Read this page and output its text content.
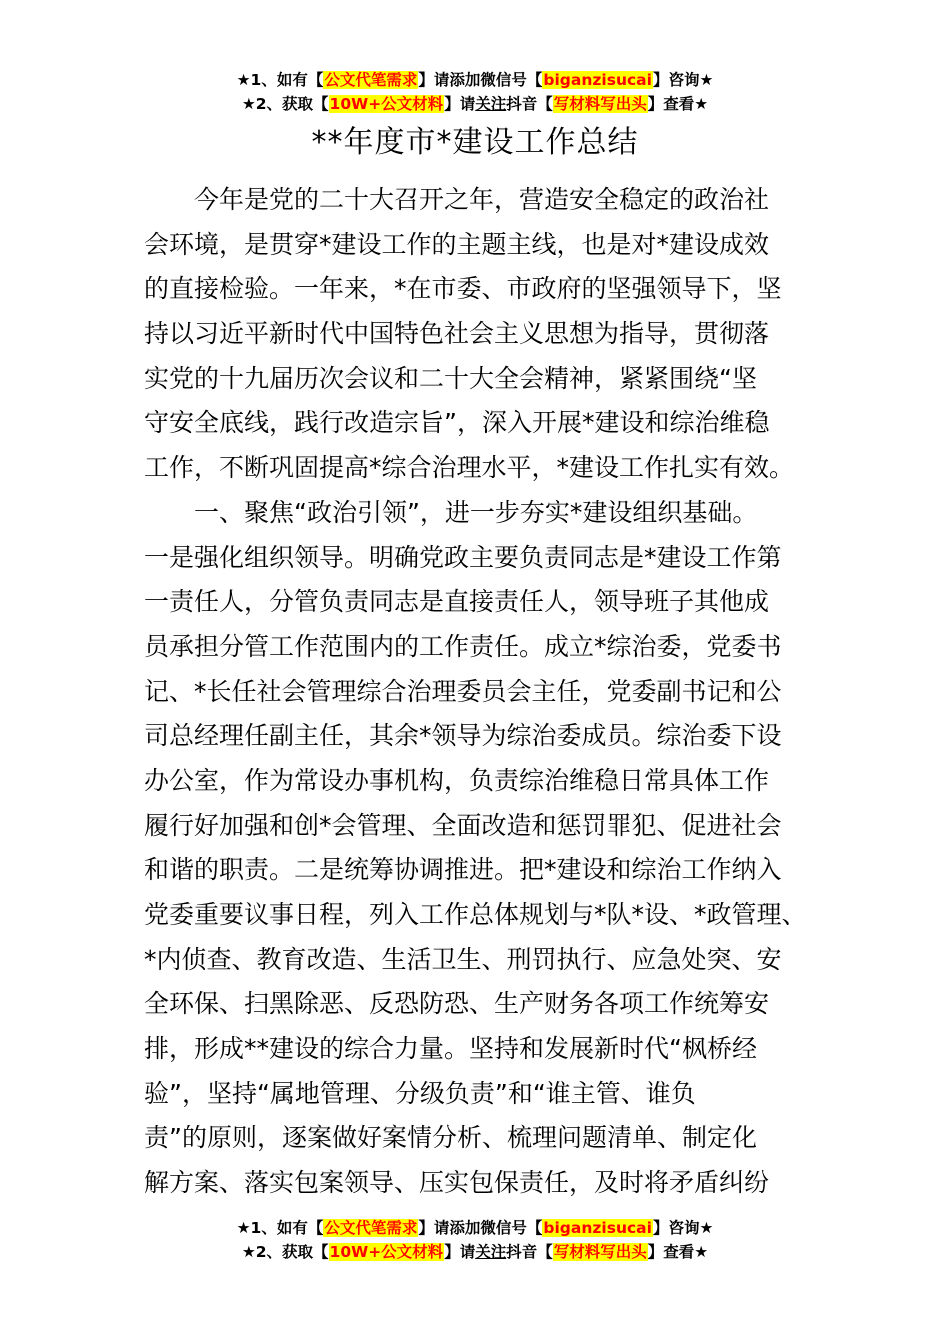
★1、如有【公文代笔需求】请添加微信号【biganzisucai】咨询★
★2、获取【10W+公文材料】请关注抖音【写材料写出头】查看★
**年度市*建设工作总结
今年是党的二十大召开之年，营造安全稳定的政治社
会环境，是贯穿*建设工作的主题主线，也是对*建设成效
的直接检验。一年来，*在市委、市政府的坚强领导下，坚
持以习近平新时代中国特色社会主义思想为指导，贯彻落
实党的十九届历次会议和二十大全会精神，紧紧围绕“坚
守安全底线，践行改造宗旨”，深入开展*建设和综治维稳
工作，不断巩固提高*综合治理水平，*建设工作扎实有效。
一、聚焦“政治引领”，进一步夯实*建设组织基础。
一是强化组织领导。明确党政主要负责同志是*建设工作第
一责任人，分管负责同志是直接责任人，领导班子其他成
员承担分管工作范围内的工作责任。成立*综治委，党委书
记、*长任社会管理综合治理委员会主任，党委副书记和公
司总经理任副主任，其余*领导为综治委成员。综治委下设
办公室，作为常设办事机构，负责综治维稳日常具体工作
履行好加强和创*会管理、全面改造和惩罚罪犯、促进社会
和谐的职责。二是统筹协调推进。把*建设和综治工作纳入
党委重要议事日程，列入工作总体规划与*队*设、*政管理、
*内侦查、教育改造、生活卫生、刑罚执行、应急处突、安
全环保、扫黑除恶、反恐防恐、生产财务各项工作统筹安
排，形成**建设的综合力量。坚持和发展新时代“枫桥经
验”，坚持“属地管理、分级负责”和“谁主管、谁负
责”的原则，逐案做好案情分析、梳理问题清单、制定化
解方案、落实包案领导、压实包保责任，及时将矛盾纠纷
★1、如有【公文代笔需求】请添加微信号【biganzisucai】咨询★
★2、获取【10W+公文材料】请关注抖音【写材料写出头】查看★
